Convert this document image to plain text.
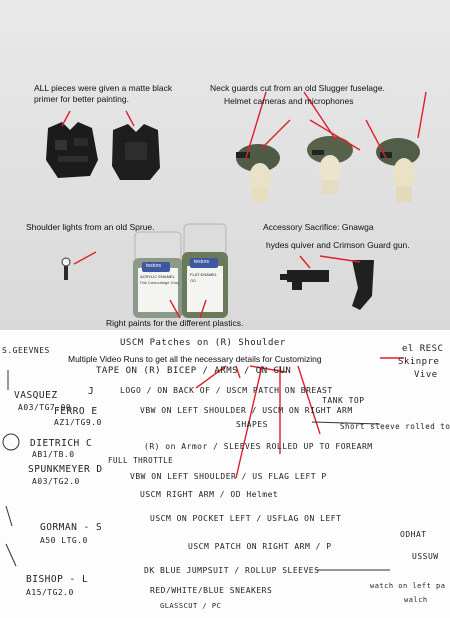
ALL pieces were given a matte black primer for better painting.
Neck guards cut from an old Slugger fuselage.
Helmet cameras and microphones
Shoulder lights from an old Sprue.	Accessory Sacrifice: Gnawga
hydes quiver and Crimson Guard gun.
Right paints for the different plastics.
testors
ACRYLIC ENAMEL
Flat Camouflage Gray
testors
FLAT ENAMEL
OD
Multiple Video Runs to get all the necessary details for Customizing
USCM Patches on (R) Shoulder
TAPE ON (R) BICEP / ARMS / ON GUN
el RESC
Skinpre
Vive
S.GEEVNES
VASQUEZ
A03/TG7.00
J	LOGO / ON BACK OF / USCM PATCH ON BREAST
VBW ON LEFT SHOULDER / USCM ON RIGHT ARM
SHAPES	Short sleeve rolled to
FERRO E
AZ1/TG9.0
TANK TOP
DIETRICH C
AB1/TB.0
(R) on Armor / SLEEVES ROLLED UP TO FOREARM
SPUNKMEYER D
A03/TG2.0
FULL THROTTLE
VBW ON LEFT SHOULDER / US FLAG LEFT P
USCM RIGHT ARM / OD Helmet
GORMAN - S
A50 LTG.0
USCM ON POCKET LEFT / USFLAG ON LEFT
ODHAT
USCM PATCH ON RIGHT ARM / P
BISHOP - L
A15/TG2.0
DK BLUE JUMPSUIT / ROLLUP SLEEVES
RED/WHITE/BLUE SNEAKERS
GLASSCUT / PC
USSUW
watch on left pa
walch
